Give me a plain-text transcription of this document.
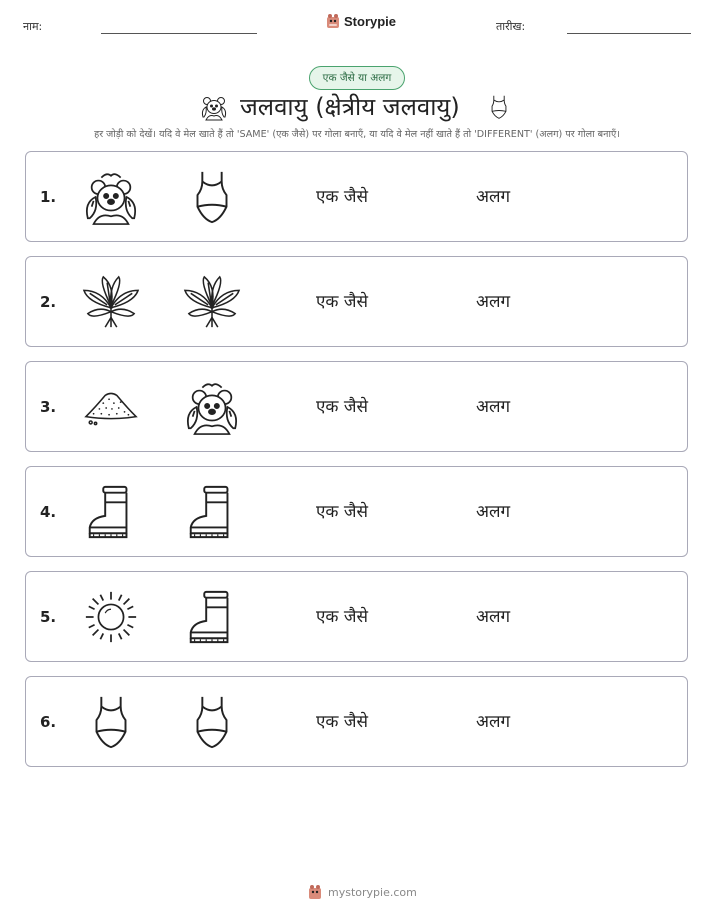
नाम:	Storypie	तारीख:
एक जैसे या अलग
जलवायु (क्षेत्रीय जलवायु)
हर जोड़ी को देखें। यदि वे मेल खाते हैं तो 'SAME' (एक जैसे) पर गोला बनाएँ, या यदि वे मेल नहीं खाते हैं तो 'DIFFERENT' (अलग) पर गोला बनाएँ।
1.	एक जैसे	अलग
2.	एक जैसे	अलग
3.	एक जैसे	अलग
4.	एक जैसे	अलग
5.	एक जैसे	अलग
6.	एक जैसे	अलग
mystorypie.com
